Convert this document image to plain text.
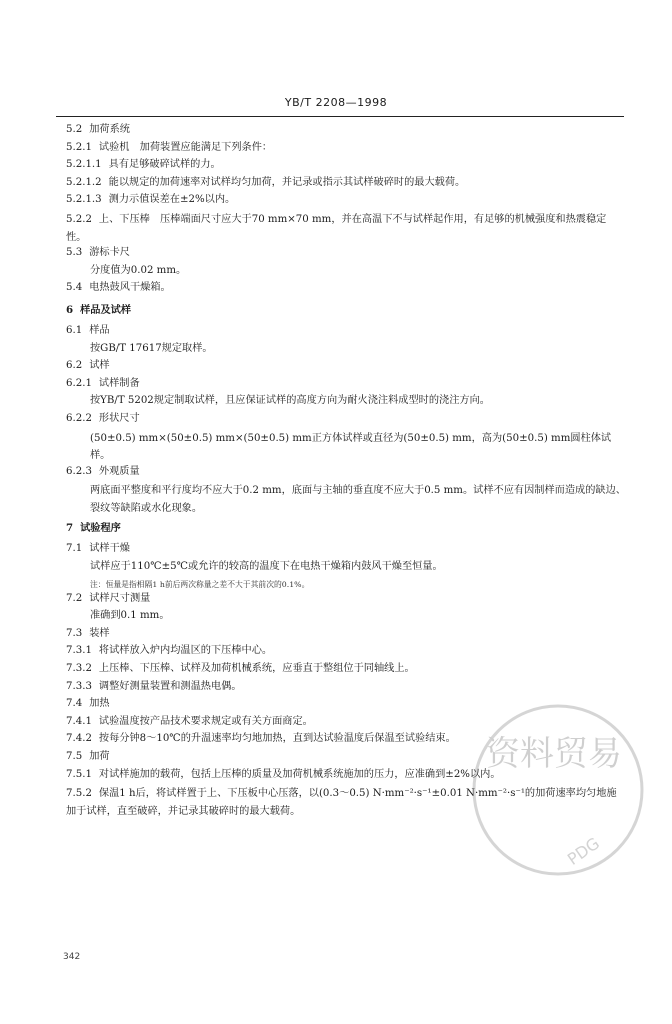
YB/T 2208—1998
5.2 加荷系统
5.2.1 试验机　加荷装置应能满足下列条件：
5.2.1.1 具有足够破碎试样的力。
5.2.1.2 能以规定的加荷速率对试样均匀加荷，并记录或指示其试样破碎时的最大载荷。
5.2.1.3 测力示值误差在±2%以内。
5.2.2 上、下压棒　压棒端面尺寸应大于70 mm×70 mm，并在高温下不与试样起作用，有足够的机械强度和热震稳定性。
5.3 游标卡尺
分度值为0.02 mm。
5.4 电热鼓风干燥箱。
6 样品及试样
6.1 样品
按GB/T 17617规定取样。
6.2 试样
6.2.1 试样制备
按YB/T 5202规定制取试样，且应保证试样的高度方向为耐火浇注料成型时的浇注方向。
6.2.2 形状尺寸
(50±0.5) mm×(50±0.5) mm×(50±0.5) mm正方体试样或直径为(50±0.5) mm，高为(50±0.5) mm圆柱体试样。
6.2.3 外观质量
两底面平整度和平行度均不应大于0.2 mm，底面与主轴的垂直度不应大于0.5 mm。试样不应有因制样而造成的缺边、裂纹等缺陷或水化现象。
7 试验程序
7.1 试样干燥
试样应于110℃±5℃或允许的较高的温度下在电热干燥箱内鼓风干燥至恒量。
注：恒量是指相隔1 h前后两次称量之差不大于其前次的0.1%。
7.2 试样尺寸测量
准确到0.1 mm。
7.3 装样
7.3.1 将试样放入炉内均温区的下压棒中心。
7.3.2 上压棒、下压棒、试样及加荷机械系统，应垂直于整组位于同轴线上。
7.3.3 调整好测量装置和测温热电偶。
7.4 加热
7.4.1 试验温度按产品技术要求规定或有关方面商定。
7.4.2 按每分钟8～10℃的升温速率均匀地加热，直到达试验温度后保温至试验结束。
7.5 加荷
7.5.1 对试样施加的载荷，包括上压棒的质量及加荷机械系统施加的压力，应准确到±2%以内。
7.5.2 保温1 h后，将试样置于上、下压板中心压落，以(0.3～0.5) N·mm⁻²·s⁻¹±0.01 N·mm⁻²·s⁻¹的加荷速率均匀地施加于试样，直至破碎，并记录其破碎时的最大载荷。
资料贸易
PDG
342
